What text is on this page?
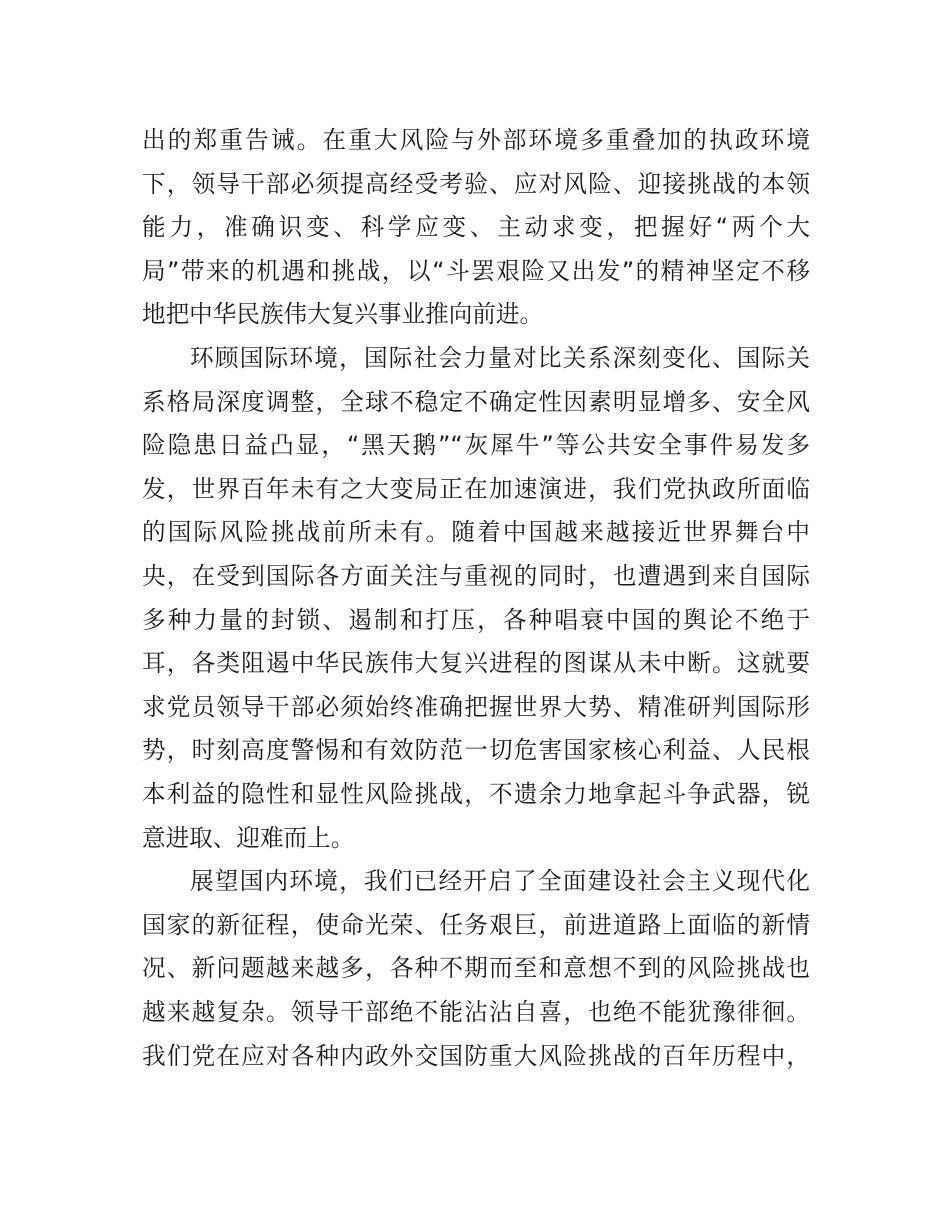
出的郑重告诫。在重大风险与外部环境多重叠加的执政环境
下，领导干部必须提高经受考验、应对风险、迎接挑战的本领
能力，准确识变、科学应变、主动求变，把握好“两个大
局”带来的机遇和挑战，以“斗罢艰险又出发”的精神坚定不移
地把中华民族伟大复兴事业推向前进。
环顾国际环境，国际社会力量对比关系深刻变化、国际关
系格局深度调整，全球不稳定不确定性因素明显增多、安全风
险隐患日益凸显，“黑天鹅”“灰犀牛”等公共安全事件易发多
发，世界百年未有之大变局正在加速演进，我们党执政所面临
的国际风险挑战前所未有。随着中国越来越接近世界舞台中
央，在受到国际各方面关注与重视的同时，也遭遇到来自国际
多种力量的封锁、遏制和打压，各种唱衰中国的舆论不绝于
耳，各类阻遏中华民族伟大复兴进程的图谋从未中断。这就要
求党员领导干部必须始终准确把握世界大势、精准研判国际形
势，时刻高度警惕和有效防范一切危害国家核心利益、人民根
本利益的隐性和显性风险挑战，不遗余力地拿起斗争武器，锐
意进取、迎难而上。
展望国内环境，我们已经开启了全面建设社会主义现代化
国家的新征程，使命光荣、任务艰巨，前进道路上面临的新情
况、新问题越来越多，各种不期而至和意想不到的风险挑战也
越来越复杂。领导干部绝不能沾沾自喜，也绝不能犹豫徘徊。
我们党在应对各种内政外交国防重大风险挑战的百年历程中，
